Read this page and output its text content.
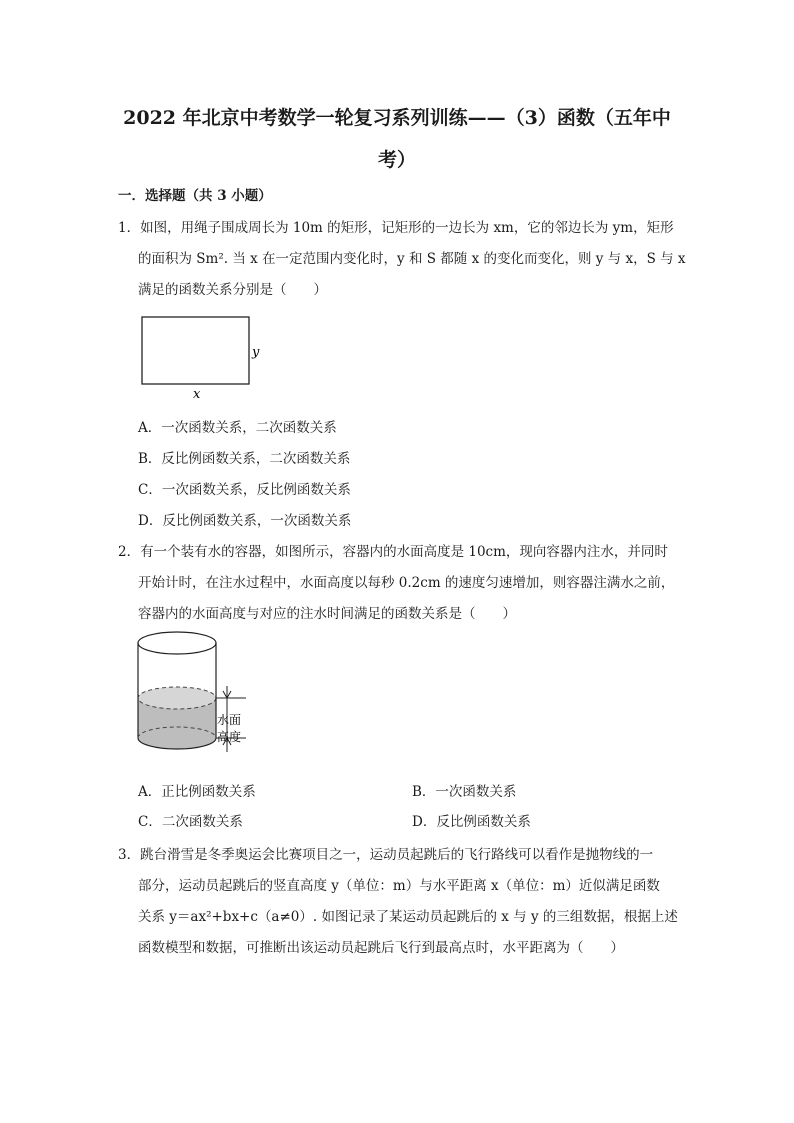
2022 年北京中考数学一轮复习系列训练——（3）函数（五年中
考）
一．选择题（共 3 小题）
1．如图，用绳子围成周长为 10m 的矩形，记矩形的一边长为 xm，它的邻边长为 ym，矩形
的面积为 Sm². 当 x 在一定范围内变化时，y 和 S 都随 x 的变化而变化，则 y 与 x，S 与 x
满足的函数关系分别是（　　）
y
x
A．一次函数关系，二次函数关系
B．反比例函数关系，二次函数关系
C．一次函数关系，反比例函数关系
D．反比例函数关系，一次函数关系
2．有一个装有水的容器，如图所示，容器内的水面高度是 10cm，现向容器内注水，并同时
开始计时，在注水过程中，水面高度以每秒 0.2cm 的速度匀速增加，则容器注满水之前，
容器内的水面高度与对应的注水时间满足的函数关系是（　　）
水面
高度
A．正比例函数关系	B．一次函数关系
C．二次函数关系	D．反比例函数关系
3．跳台滑雪是冬季奥运会比赛项目之一，运动员起跳后的飞行路线可以看作是抛物线的一
部分，运动员起跳后的竖直高度 y（单位：m）与水平距离 x（单位：m）近似满足函数
关系 y＝ax²+bx+c（a≠0）. 如图记录了某运动员起跳后的 x 与 y 的三组数据，根据上述
函数模型和数据，可推断出该运动员起跳后飞行到最高点时，水平距离为（　　）
